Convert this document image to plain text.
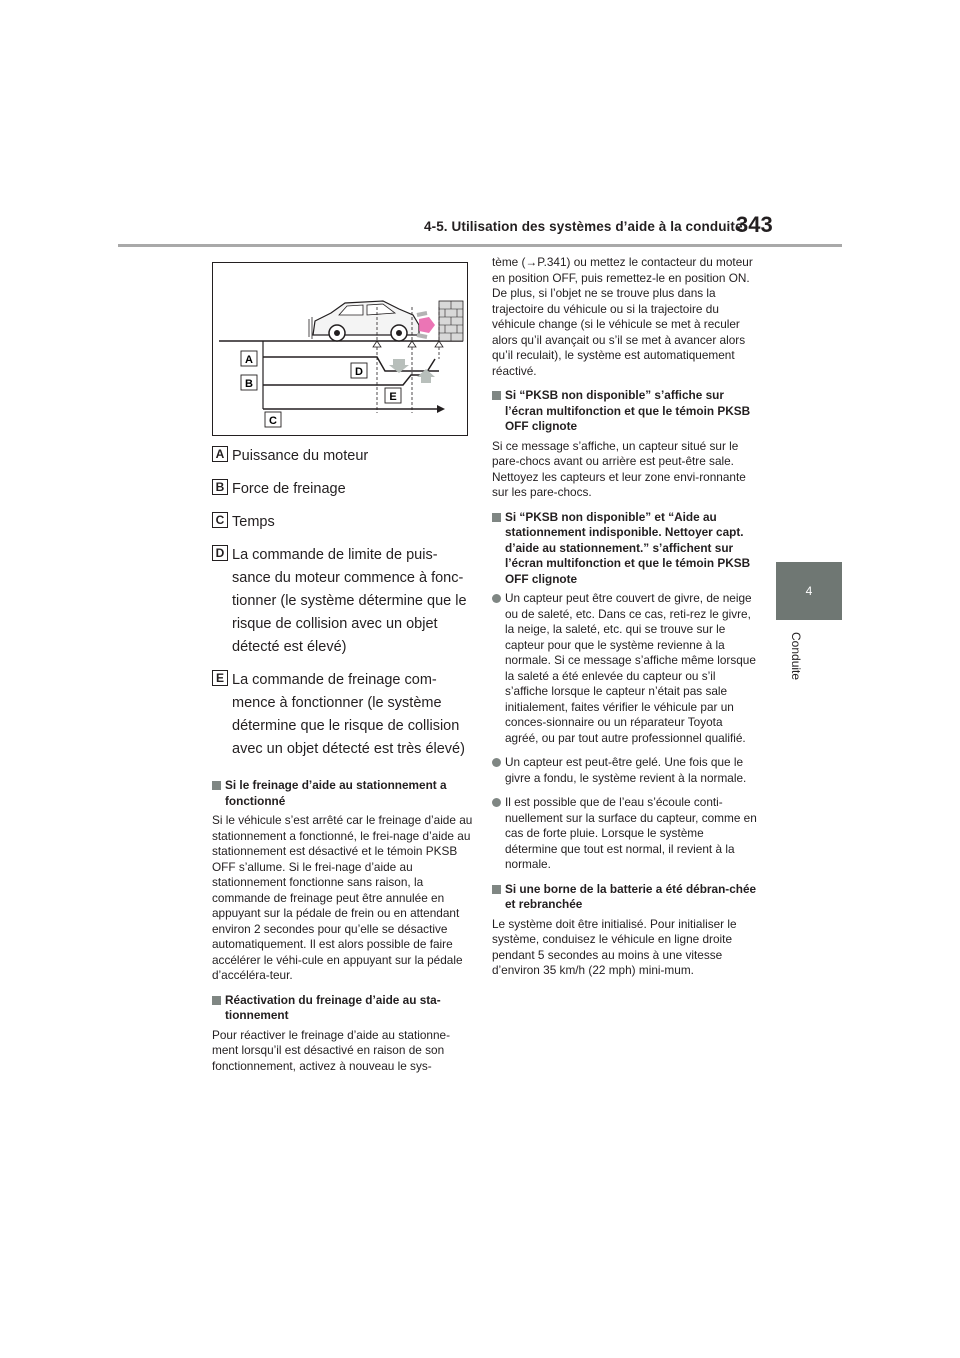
4-5. Utilisation des systèmes d’aide à la conduite
343
4
Conduite
A
B
C
D
E
A Puissance du moteur
B Force de freinage
C Temps
D La commande de limite de puis-sance du moteur commence à fonc-tionner (le système détermine que le risque de collision avec un objet détecté est élevé)
E La commande de freinage com-mence à fonctionner (le système détermine que le risque de collision avec un objet détecté est très élevé)
Si le freinage d’aide au stationnement a fonctionné
Si le véhicule s’est arrêté car le freinage d’aide au stationnement a fonctionné, le frei-nage d’aide au stationnement est désactivé et le témoin PKSB OFF s’allume. Si le frei-nage d’aide au stationnement fonctionne sans raison, la commande de freinage peut être annulée en appuyant sur la pédale de frein ou en attendant environ 2 secondes pour qu’elle se désactive automatiquement. Il est alors possible de faire accélérer le véhi-cule en appuyant sur la pédale d’accéléra-teur.
Réactivation du freinage d’aide au sta-tionnement
Pour réactiver le freinage d’aide au stationne-ment lorsqu’il est désactivé en raison de son fonctionnement, activez à nouveau le sys-
tème (→P.341) ou mettez le contacteur du moteur en position OFF, puis remettez-le en position ON. De plus, si l’objet ne se trouve plus dans la trajectoire du véhicule ou si la trajectoire du véhicule change (si le véhicule se met à reculer alors qu’il avançait ou s’il se met à avancer alors qu’il reculait), le système est automatiquement réactivé.
Si “PKSB non disponible” s’affiche sur l’écran multifonction et que le témoin PKSB OFF clignote
Si ce message s’affiche, un capteur situé sur le pare-chocs avant ou arrière est peut-être sale. Nettoyez les capteurs et leur zone envi-ronnante sur les pare-chocs.
Si “PKSB non disponible” et “Aide au stationnement indisponible. Nettoyer capt. d’aide au stationnement.” s’affichent sur l’écran multifonction et que le témoin PKSB OFF clignote
Un capteur peut être couvert de givre, de neige ou de saleté, etc. Dans ce cas, reti-rez le givre, la neige, la saleté, etc. qui se trouve sur le capteur pour que le système revienne à la normale. Si ce message s’affiche même lorsque la saleté a été enlevée du capteur ou s’il s’affiche lorsque le capteur n’était pas sale initialement, faites vérifier le véhicule par un conces-sionnaire ou un réparateur Toyota agréé, ou par tout autre professionnel qualifié.
Un capteur est peut-être gelé. Une fois que le givre a fondu, le système revient à la normale.
Il est possible que de l’eau s’écoule conti-nuellement sur la surface du capteur, comme en cas de forte pluie. Lorsque le système détermine que tout est normal, il revient à la normale.
Si une borne de la batterie a été débran-chée et rebranchée
Le système doit être initialisé. Pour initialiser le système, conduisez le véhicule en ligne droite pendant 5 secondes au moins à une vitesse d’environ 35 km/h (22 mph) mini-mum.
